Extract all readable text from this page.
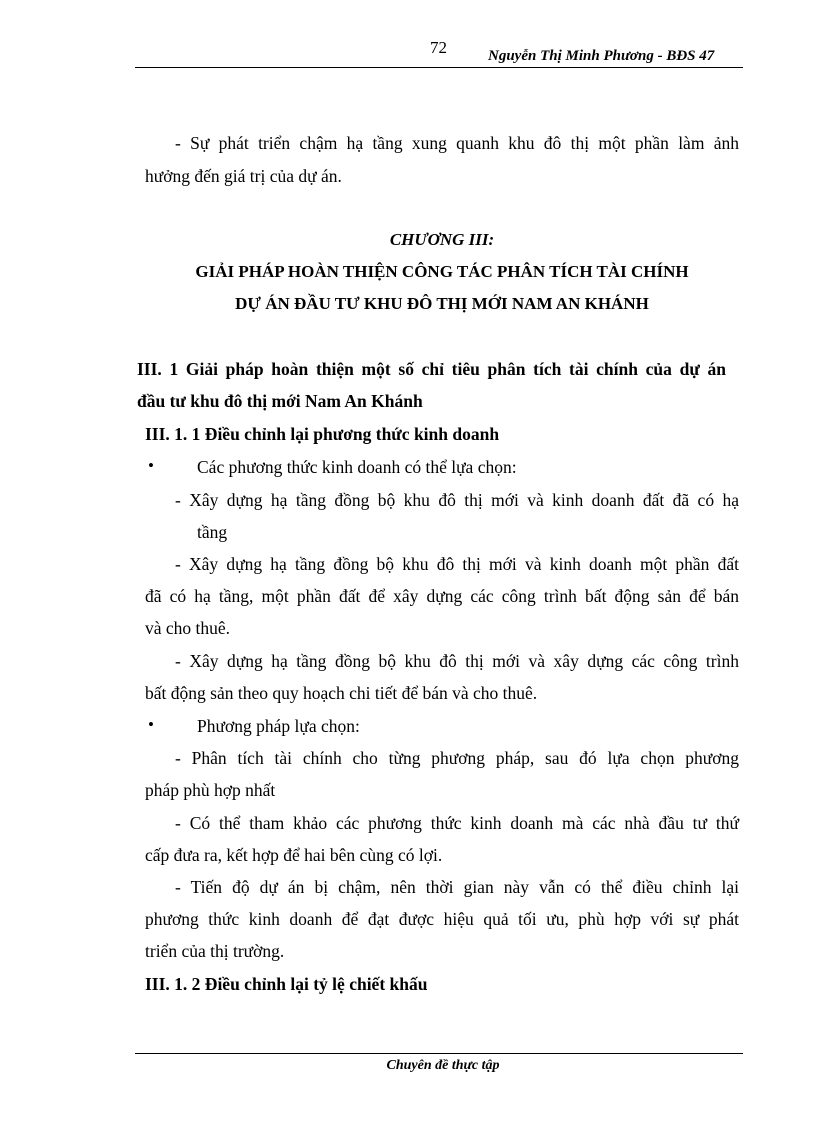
72	Nguyễn Thị Minh Phương - BĐS 47
- Sự phát triển chậm hạ tầng xung quanh khu đô thị một phần làm ảnh
hưởng đến giá trị của dự án.
CHƯƠNG III:
GIẢI PHÁP HOÀN THIỆN CÔNG TÁC PHÂN TÍCH TÀI CHÍNH
DỰ ÁN ĐẦU TƯ KHU ĐÔ THỊ MỚI NAM AN KHÁNH
III. 1 Giải pháp hoàn thiện một số chỉ tiêu phân tích tài chính của dự án
đầu tư khu đô thị mới Nam An Khánh
III. 1. 1 Điều chỉnh lại phương thức kinh doanh
• Các phương thức kinh doanh có thể lựa chọn:
- Xây dựng hạ tầng đồng bộ khu đô thị mới và kinh doanh đất đã có hạ
tầng
- Xây dựng hạ tầng đồng bộ khu đô thị mới và kinh doanh một phần đất
đã có hạ tầng, một phần đất để xây dựng các công trình bất động sản để bán
và cho thuê.
- Xây dựng hạ tầng đồng bộ khu đô thị mới và xây dựng các công trình
bất động sản theo quy hoạch chi tiết để bán và cho thuê.
• Phương pháp lựa chọn:
- Phân tích tài chính cho từng phương pháp, sau đó lựa chọn phương
pháp phù hợp nhất
- Có thể tham khảo các phương thức kinh doanh mà các nhà đầu tư thứ
cấp đưa ra, kết hợp để hai bên cùng có lợi.
- Tiến độ dự án bị chậm, nên thời gian này vẫn có thể điều chỉnh lại
phương thức kinh doanh để đạt được hiệu quả tối ưu, phù hợp với sự phát
triển của thị trường.
III. 1. 2 Điều chỉnh lại tỷ lệ chiết khấu
Chuyên đề thực tập
